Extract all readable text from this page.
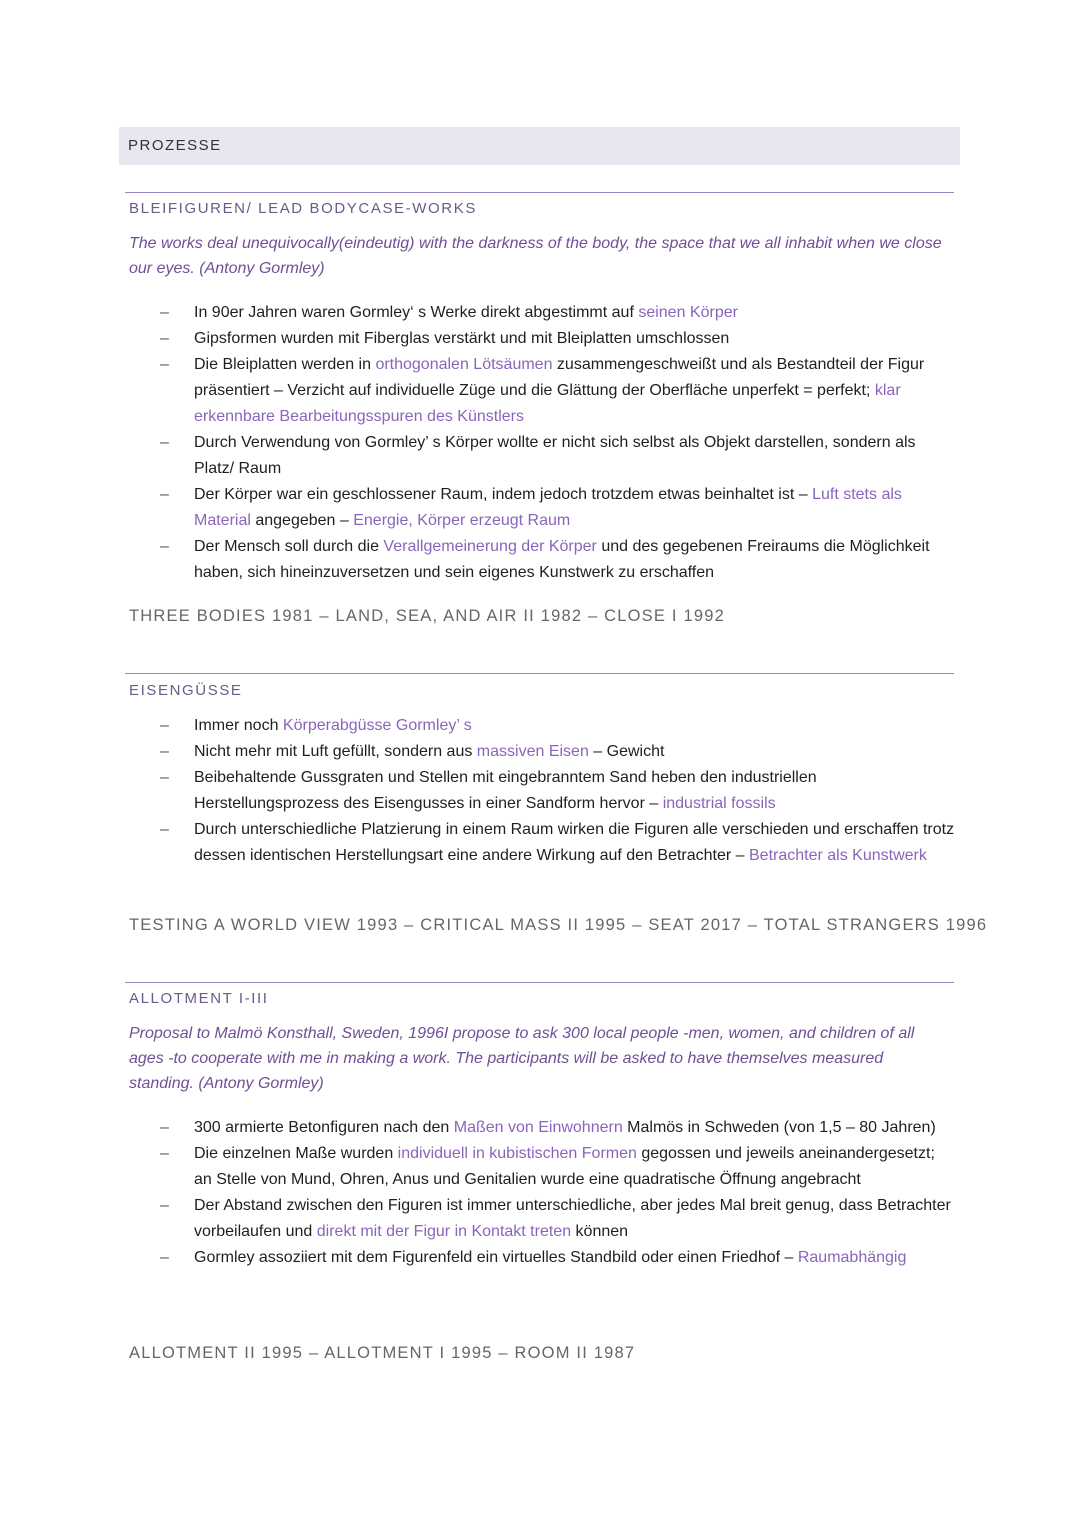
PROZESSE
BLEIFIGUREN/ LEAD BODYCASE-WORKS
The works deal unequivocally(eindeutig) with the darkness of the body, the space that we all inhabit when we close our eyes. (Antony Gormley)
– In 90er Jahren waren Gormley‘ s Werke direkt abgestimmt auf seinen Körper
– Gipsformen wurden mit Fiberglas verstärkt und mit Bleiplatten umschlossen
– Die Bleiplatten werden in orthogonalen Lötsäumen zusammengeschweißt und als Bestandteil der Figur präsentiert – Verzicht auf individuelle Züge und die Glättung der Oberfläche unperfekt = perfekt; klar erkennbare Bearbeitungsspuren des Künstlers
– Durch Verwendung von Gormley’ s Körper wollte er nicht sich selbst als Objekt darstellen, sondern als Platz/ Raum
– Der Körper war ein geschlossener Raum, indem jedoch trotzdem etwas beinhaltet ist – Luft stets als Material angegeben – Energie, Körper erzeugt Raum
– Der Mensch soll durch die Verallgemeinerung der Körper und des gegebenen Freiraums die Möglichkeit haben, sich hineinzuversetzen und sein eigenes Kunstwerk zu erschaffen
THREE BODIES 1981 – LAND, SEA, AND AIR II 1982 – CLOSE I 1992
EISENGÜSSE
– Immer noch Körperabgüsse Gormley’ s
– Nicht mehr mit Luft gefüllt, sondern aus massiven Eisen – Gewicht
– Beibehaltende Gussgraten und Stellen mit eingebranntem Sand heben den industriellen Herstellungsprozess des Eisengusses in einer Sandform hervor – industrial fossils
– Durch unterschiedliche Platzierung in einem Raum wirken die Figuren alle verschieden und erschaffen trotz dessen identischen Herstellungsart eine andere Wirkung auf den Betrachter – Betrachter als Kunstwerk
TESTING A WORLD VIEW 1993 – CRITICAL MASS II 1995 – SEAT 2017 – TOTAL STRANGERS 1996
ALLOTMENT I-III
Proposal to Malmö Konsthall, Sweden, 1996I propose to ask 300 local people -men, women, and children of all ages -to cooperate with me in making a work. The participants will be asked to have themselves measured standing. (Antony Gormley)
– 300 armierte Betonfiguren nach den Maßen von Einwohnern Malmös in Schweden (von 1,5 – 80 Jahren)
– Die einzelnen Maße wurden individuell in kubistischen Formen gegossen und jeweils aneinandergesetzt; an Stelle von Mund, Ohren, Anus und Genitalien wurde eine quadratische Öffnung angebracht
– Der Abstand zwischen den Figuren ist immer unterschiedliche, aber jedes Mal breit genug, dass Betrachter vorbeilaufen und direkt mit der Figur in Kontakt treten können
– Gormley assoziiert mit dem Figurenfeld ein virtuelles Standbild oder einen Friedhof – Raumabhängig
ALLOTMENT II 1995 – ALLOTMENT I 1995 – ROOM II 1987
